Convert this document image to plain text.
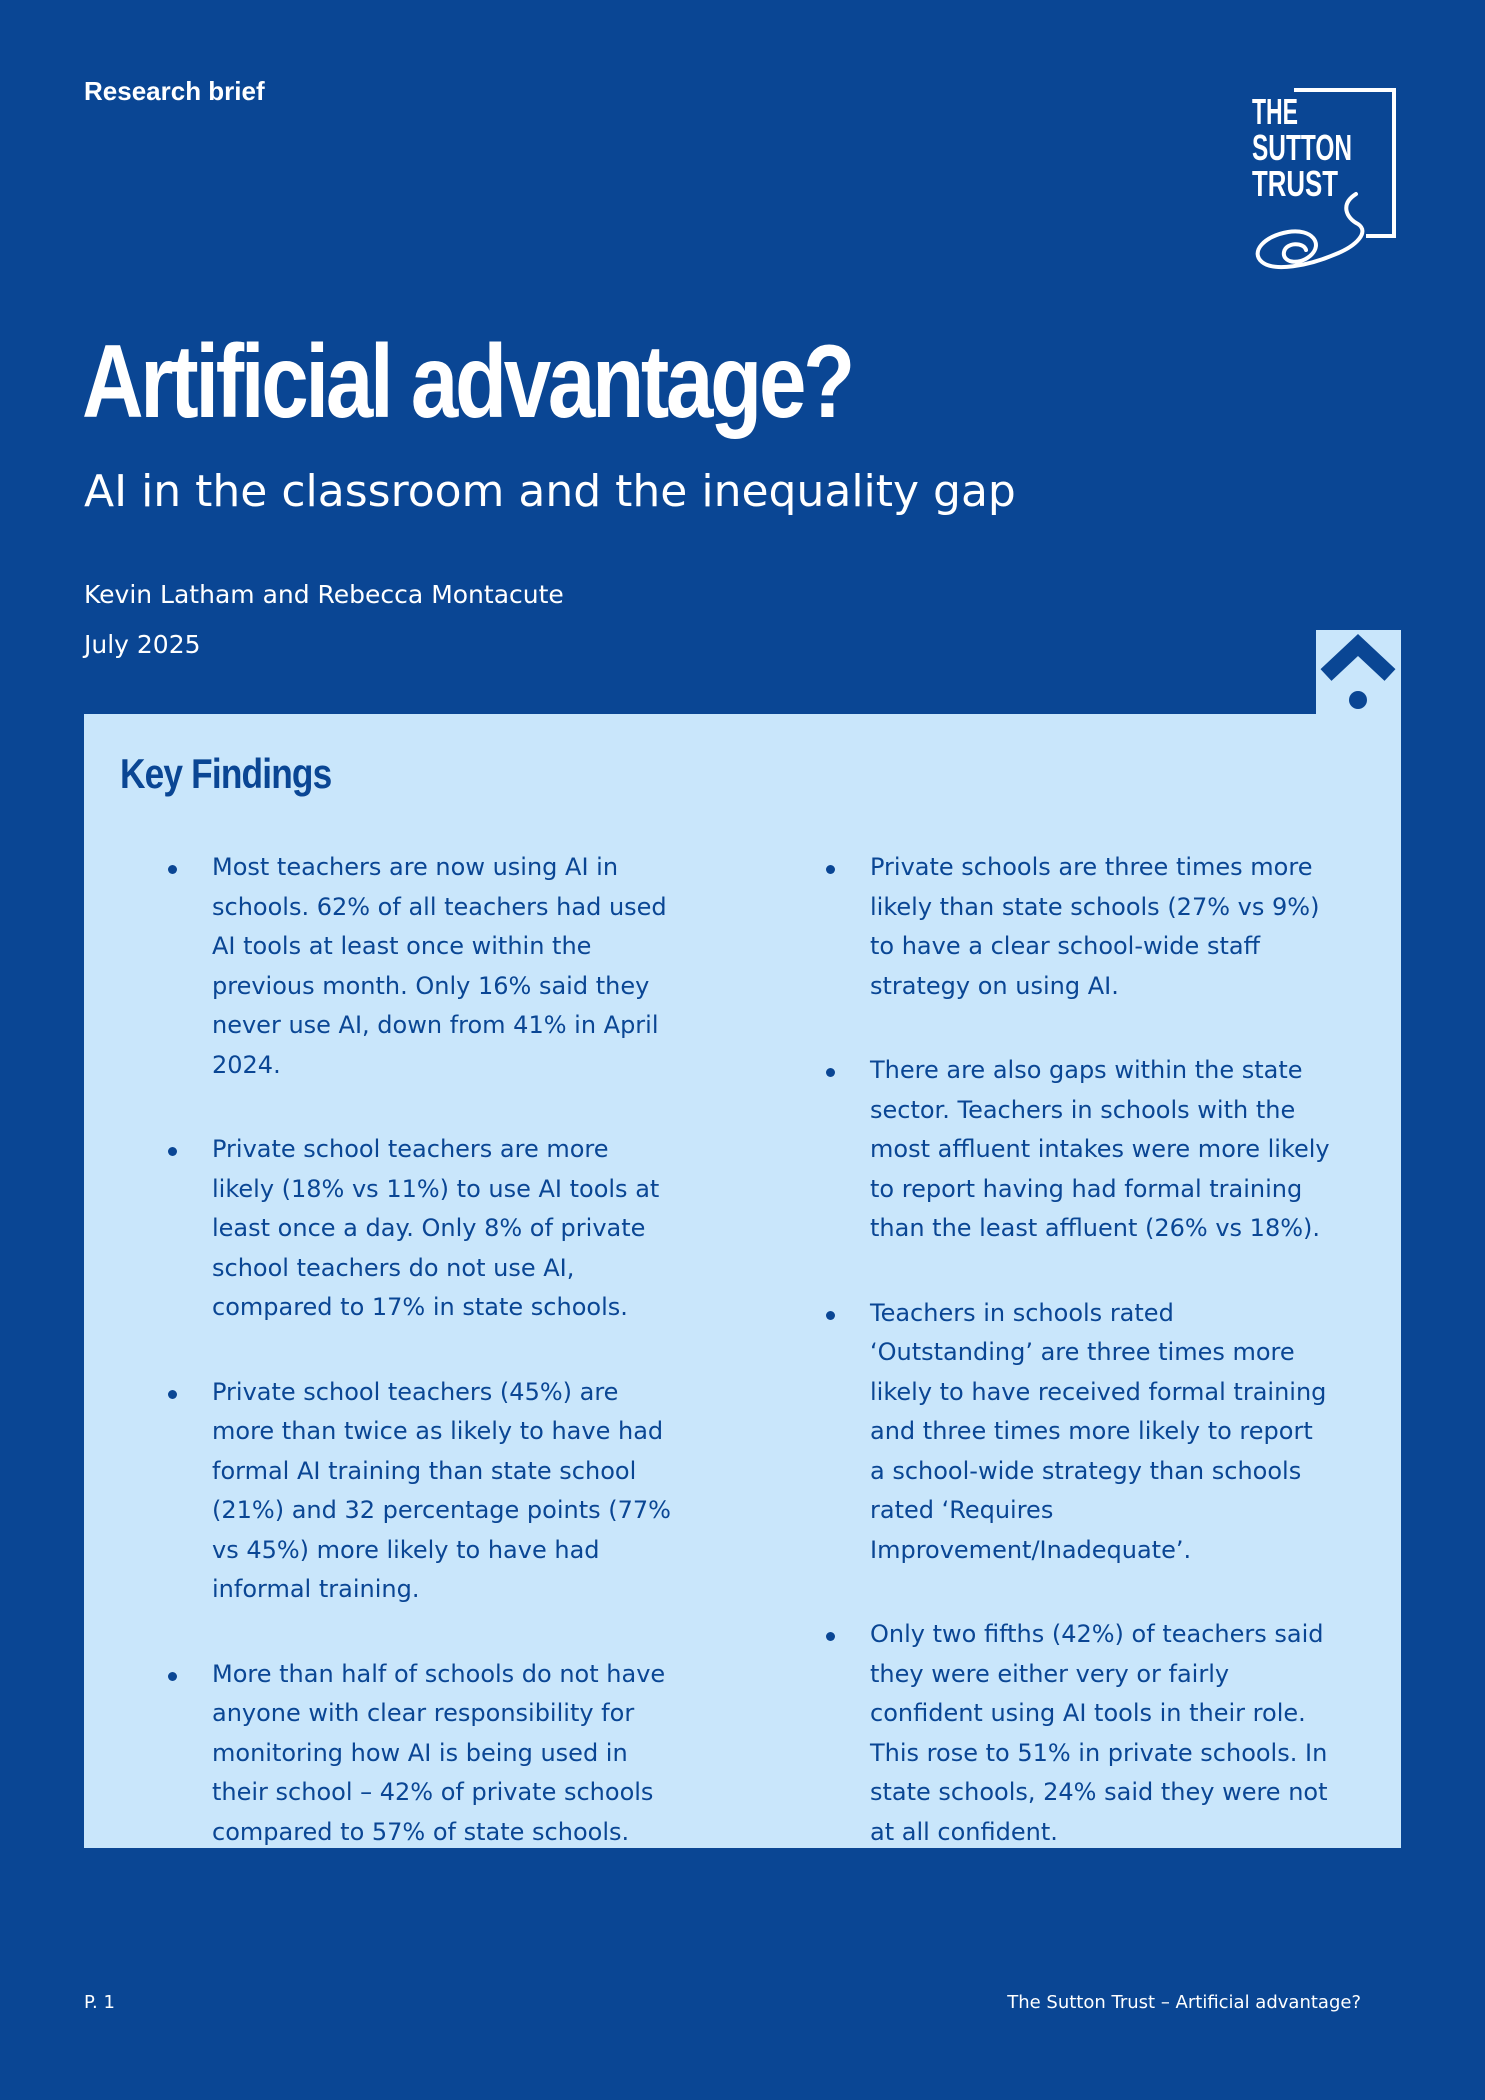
Research brief	THE
SUTTON
TRUST
Artificial advantage?
AI in the classroom and the inequality gap
Kevin Latham and Rebecca Montacute
July 2025
Key Findings
Most teachers are now using AI in schools. 62% of all teachers had used AI tools at least once within the previous month. Only 16% said they never use AI, down from 41% in April 2024.
Private school teachers are more likely (18% vs 11%) to use AI tools at least once a day. Only 8% of private school teachers do not use AI, compared to 17% in state schools.
Private school teachers (45%) are more than twice as likely to have had formal AI training than state school (21%) and 32 percentage points (77% vs 45%) more likely to have had informal training.
More than half of schools do not have anyone with clear responsibility for monitoring how AI is being used in their school – 42% of private schools compared to 57% of state schools.
Private schools are three times more likely than state schools (27% vs 9%) to have a clear school-wide staff strategy on using AI.
There are also gaps within the state sector. Teachers in schools with the most affluent intakes were more likely to report having had formal training than the least affluent (26% vs 18%).
Teachers in schools rated ‘Outstanding’ are three times more likely to have received formal training and three times more likely to report a school-wide strategy than schools rated ‘Requires Improvement/Inadequate’.
Only two fifths (42%) of teachers said they were either very or fairly confident using AI tools in their role. This rose to 51% in private schools. In state schools, 24% said they were not at all confident.
P. 1	The Sutton Trust – Artificial advantage?
